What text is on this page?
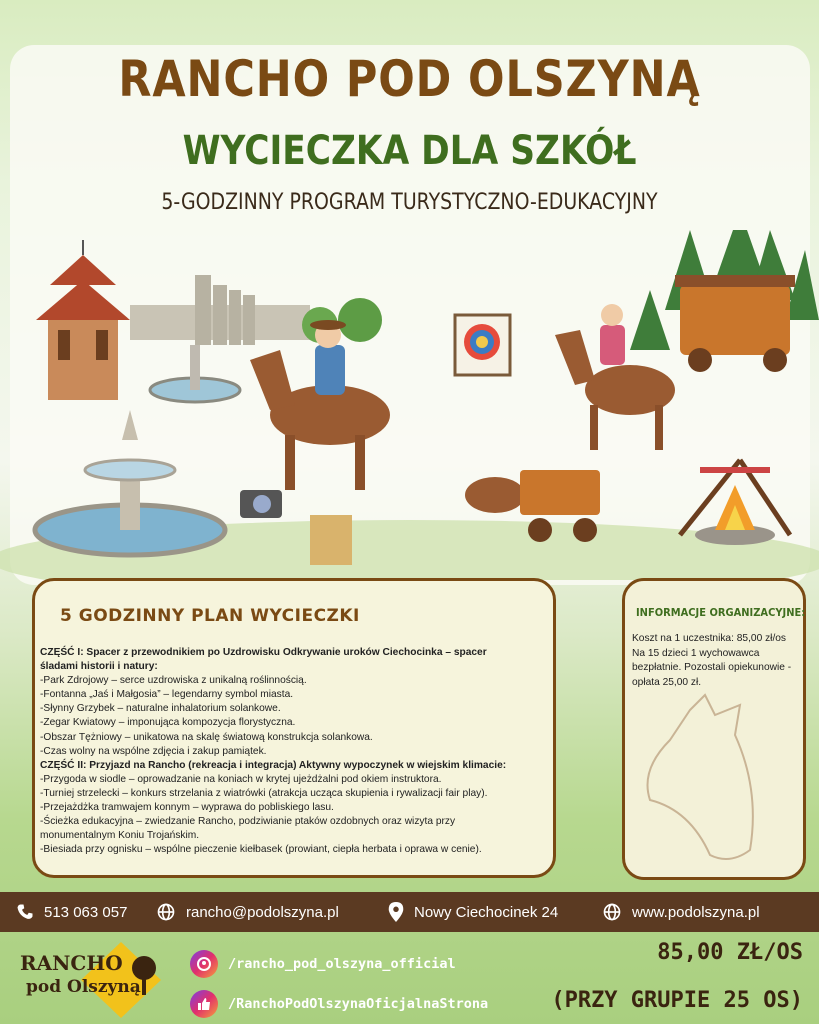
RANCHO POD OLSZYNĄ
WYCIECZKA DLA SZKÓŁ
5-GODZINNY PROGRAM TURYSTYCZNO-EDUKACYJNY
5 GODZINNY PLAN WYCIECZKI
CZĘŚĆ I: Spacer z przewodnikiem po Uzdrowisku Odkrywanie uroków Ciechocinka – spacer
śladami historii i natury:
-Park Zdrojowy – serce uzdrowiska z unikalną roślinnością.
-Fontanna „Jaś i Małgosia” – legendarny symbol miasta.
-Słynny Grzybek – naturalne inhalatorium solankowe.
-Zegar Kwiatowy – imponująca kompozycja florystyczna.
-Obszar Tężniowy – unikatowa na skalę światową konstrukcja solankowa.
-Czas wolny na wspólne zdjęcia i zakup pamiątek.
CZĘŚĆ II: Przyjazd na Rancho (rekreacja i integracja) Aktywny wypoczynek w wiejskim klimacie:
-Przygoda w siodle – oprowadzanie na koniach w krytej ujeżdżalni pod okiem instruktora.
-Turniej strzelecki – konkurs strzelania z wiatrówki (atrakcja ucząca skupienia i rywalizacji fair play).
-Przejażdżka tramwajem konnym – wyprawa do pobliskiego lasu.
-Ścieżka edukacyjna – zwiedzanie Rancho, podziwianie ptaków ozdobnych oraz wizyta przy
monumentalnym Koniu Trojańskim.
-Biesiada przy ognisku – wspólne pieczenie kiełbasek (prowiant, ciepła herbata i oprawa w cenie).
INFORMACJE ORGANIZACYJNE:
Koszt na 1 uczestnika: 85,00 zł/os Na 15 dzieci 1 wychowawca bezpłatnie. Pozostali opiekunowie - opłata 25,00 zł.
513 063 057	rancho@podolszyna.pl	Nowy Ciechocinek 24	www.podolszyna.pl
RANCHO
pod Olszyną
/rancho_pod_olszyna_official
/RanchoPodOlszynaOficjalnaStrona
85,00 ZŁ/OS
(PRZY GRUPIE 25 OS)
